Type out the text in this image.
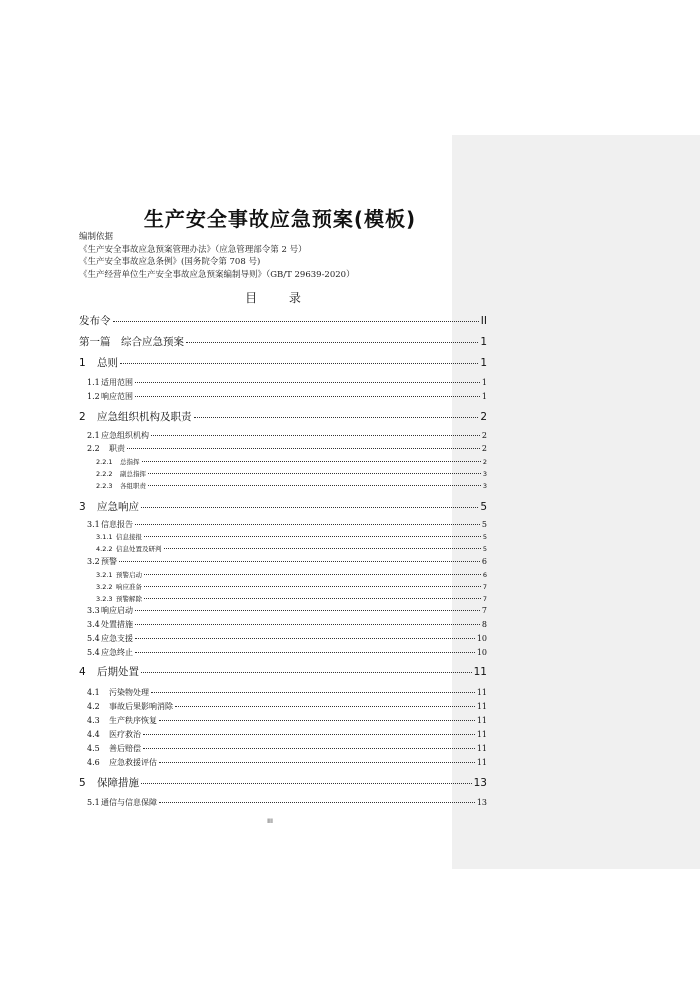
生产安全事故应急预案(模板)
编制依据
《生产安全事故应急预案管理办法》（应急管理部令第 2 号）
《生产安全事故应急条例》(国务院令第 708 号)
《生产经营单位生产安全事故应急预案编制导则》（GB/T 29639-2020）
目 录
发布令	II
第一篇　综合应急预案	1
1	总则	1
1.1 适用范围	1
1.2 响应范围	1
2	应急组织机构及职责	2
2.1 应急组织机构	2
2.2	职责	2
2.2.1	总指挥	2
2.2.2	副总指挥	3
2.2.3	各组职责	3
3	应急响应	5
3.1 信息报告	5
3.1.1 信息接报	5
4.2.2 信息处置及研判	5
3.2 预警	6
3.2.1 预警启动	6
3.2.2 响应准备	7
3.2.3 预警解除	7
3.3 响应启动	7
3.4 处置措施	8
5.4 应急支援	10
5.4 应急终止	10
4	后期处置	11
4.1	污染物处理	11
4.2	事故后果影响消除	11
4.3	生产秩序恢复	11
4.4	医疗救治	11
4.5	善后赔偿	11
4.6	应急救援评估	11
5	保障措施	13
5.1 通信与信息保障	13
III
